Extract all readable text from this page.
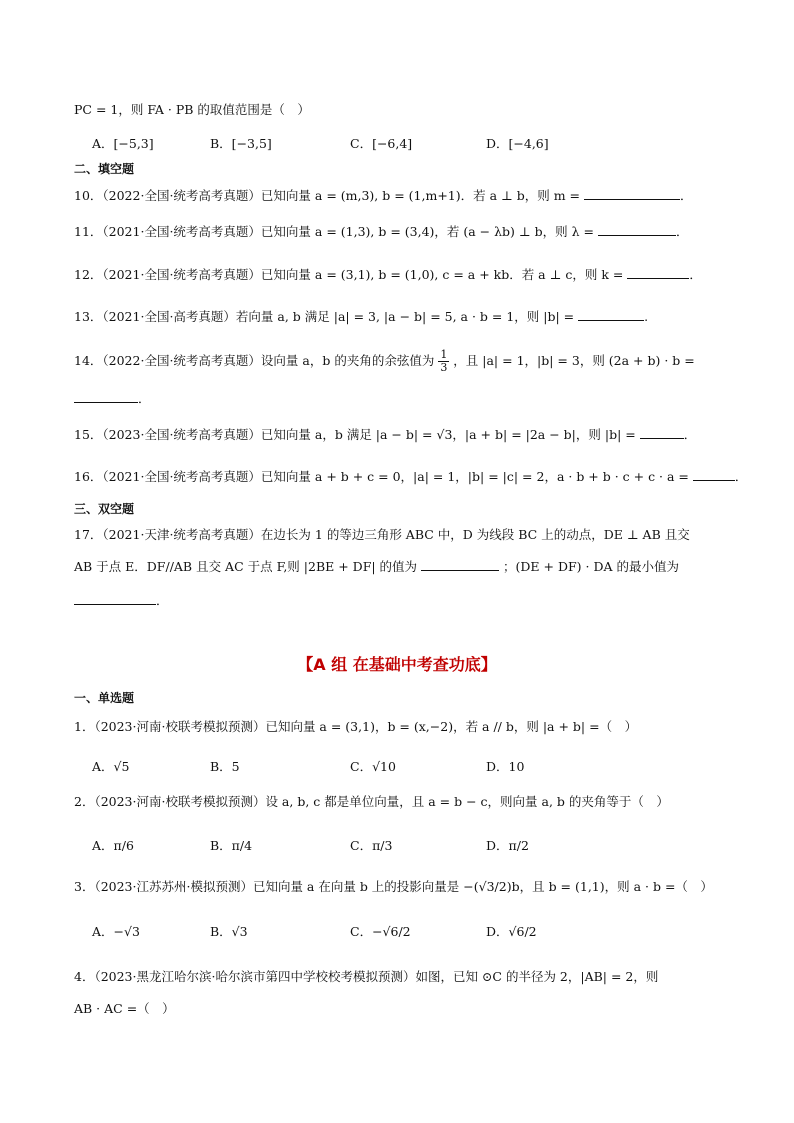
PC = 1，则 FA · PB 的取值范围是（　）
A．[−5,3]	B．[−3,5]	C．[−6,4]	D．[−4,6]
二、填空题
10．（2022·全国·统考高考真题）已知向量 a = (m,3), b = (1,m+1)．若 a ⊥ b，则 m =	．
11．（2021·全国·统考高考真题）已知向量 a = (1,3), b = (3,4)，若 (a − λb) ⊥ b，则 λ =	．
12．（2021·全国·统考高考真题）已知向量 a = (3,1), b = (1,0), c = a + kb．若 a ⊥ c，则 k =	．
13．（2021·全国·高考真题）若向量 a, b 满足 |a| = 3, |a − b| = 5, a · b = 1，则 |b| =	.
14．（2022·全国·统考高考真题）设向量 a，b 的夹角的余弦值为 $\frac{1}{3}$ ，且 |a| = 1，|b| = 3，则 (2a + b) · b =
．
15．（2023·全国·统考高考真题）已知向量 a，b 满足 |a − b| = √3，|a + b| = |2a − b|，则 |b| =	．
16．（2021·全国·统考高考真题）已知向量 a + b + c = 0，|a| = 1，|b| = |c| = 2，a · b + b · c + c · a =	．
三、双空题
17．（2021·天津·统考高考真题）在边长为 1 的等边三角形 ABC 中，D 为线段 BC 上的动点，DE ⊥ AB 且交
AB 于点 E．DF//AB 且交 AC 于点 F,则 |2BE + DF| 的值为	；(DE + DF) · DA 的最小值为
．
【A 组 在基础中考查功底】
一、单选题
1．（2023·河南·校联考模拟预测）已知向量 a = (3,1)，b = (x,−2)，若 a // b，则 |a + b| =（　）
A．√5	B．5	C．√10	D．10
2．（2023·河南·校联考模拟预测）设 a, b, c 都是单位向量，且 a = b − c，则向量 a, b 的夹角等于（　）
A．π/6	B．π/4	C．π/3	D．π/2
3．（2023·江苏苏州·模拟预测）已知向量 a 在向量 b 上的投影向量是 −(√3/2)b，且 b = (1,1)，则 a · b =（　）
A．−√3	B．√3	C．−√6/2	D．√6/2
4．（2023·黑龙江哈尔滨·哈尔滨市第四中学校校考模拟预测）如图，已知 ⊙C 的半径为 2，|AB| = 2，则
AB · AC =（　）
